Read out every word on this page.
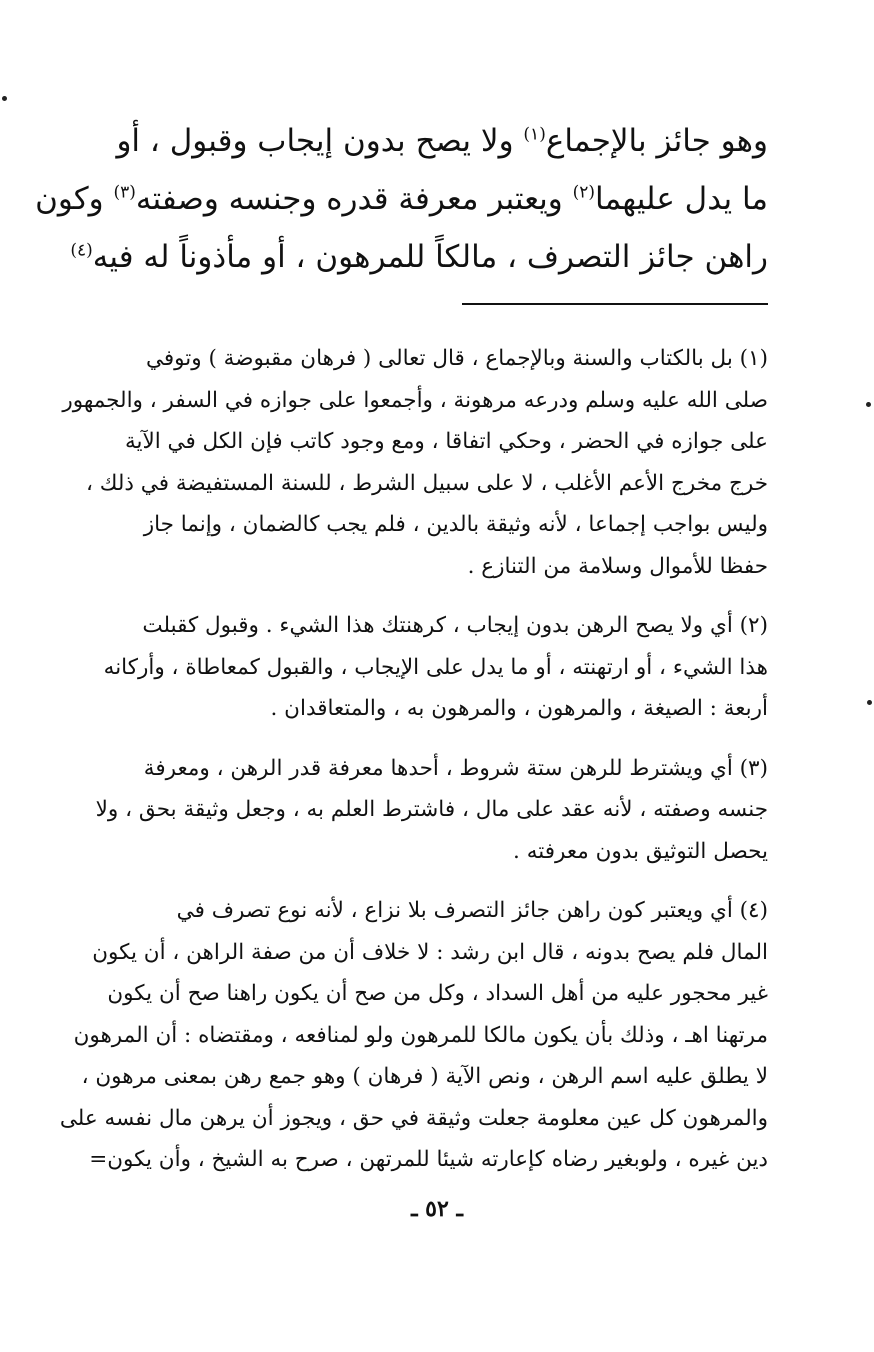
وهو جائز بالإجماع$^{(١)}$ ولا يصح بدون إيجاب وقبول ، أو
ما يدل عليهما$^{(٢)}$ ويعتبر معرفة قدره وجنسه وصفته$^{(٣)}$ وكون
راهن جائز التصرف ، مالكاً للمرهون ، أو مأذوناً له فيه$^{(٤)}$
(١) بل بالكتاب والسنة وبالإجماع ، قال تعالى ( فرهان مقبوضة ) وتوفي
صلى الله عليه وسلم ودرعه مرهونة ، وأجمعوا على جوازه في السفر ، والجمهور
على جوازه في الحضر ، وحكي اتفاقا ، ومع وجود كاتب فإن الكل في الآية
خرج مخرج الأعم الأغلب ، لا على سبيل الشرط ، للسنة المستفيضة في ذلك ،
وليس بواجب إجماعا ، لأنه وثيقة بالدين ، فلم يجب كالضمان ، وإنما جاز
حفظا للأموال وسلامة من التنازع .
(٢) أي ولا يصح الرهن بدون إيجاب ، كرهنتك هذا الشيء . وقبول كقبلت
هذا الشيء ، أو ارتهنته ، أو ما يدل على الإيجاب ، والقبول كمعاطاة ، وأركانه
أربعة : الصيغة ، والمرهون ، والمرهون به ، والمتعاقدان .
(٣) أي ويشترط للرهن ستة شروط ، أحدها معرفة قدر الرهن ، ومعرفة
جنسه وصفته ، لأنه عقد على مال ، فاشترط العلم به ، وجعل وثيقة بحق ، ولا
يحصل التوثيق بدون معرفته .
(٤) أي ويعتبر كون راهن جائز التصرف بلا نزاع ، لأنه نوع تصرف في
المال فلم يصح بدونه ، قال ابن رشد : لا خلاف أن من صفة الراهن ، أن يكون
غير محجور عليه من أهل السداد ، وكل من صح أن يكون راهنا صح أن يكون
مرتهنا اهـ ، وذلك بأن يكون مالكا للمرهون ولو لمنافعه ، ومقتضاه : أن المرهون
لا يطلق عليه اسم الرهن ، ونص الآية ( فرهان ) وهو جمع رهن بمعنى مرهون ،
والمرهون كل عين معلومة جعلت وثيقة في حق ، ويجوز أن يرهن مال نفسه على
دين غيره ، ولوبغير رضاه كإعارته شيئا للمرتهن ، صرح به الشيخ ، وأن يكون=
ـ ٥٢ ـ
